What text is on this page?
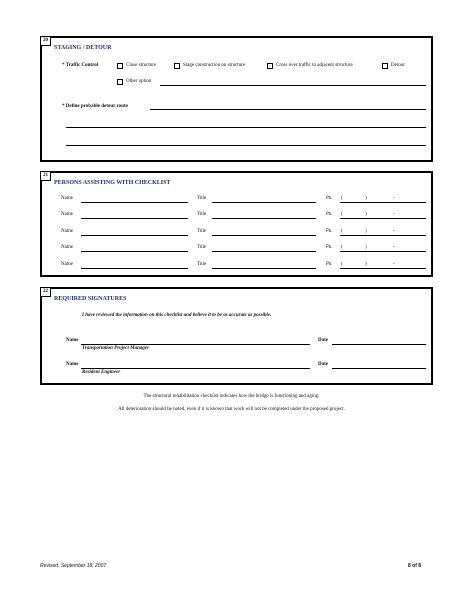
20
STAGING / DETOUR
* Traffic Control	Close structure	Stage construction on structure	Cross over traffic to adjacent structure	Detour
Other option
* Define probable detour route
21
PERSONS ASSISTING WITH CHECKLIST
Name	Title	Ph. (	)	-
Name	Title	Ph. (	)	-
Name	Title	Ph. (	)	-
Name	Title	Ph. (	)	-
Name	Title	Ph. (	)	-
22
REQUIRED SIGNATURES
I have reviewed the information on this checklist and believe it to be as accurate as possible.
Name
Transportation Project Manager
Date
Name
Resident Engineer
Date
The structural rehabilitation checklist indicates how the bridge is functioning and aging.
All deterioration should be noted, even if it is known that work will not be completed under the proposed project.
Revised: September 18, 2007	8 of 8
